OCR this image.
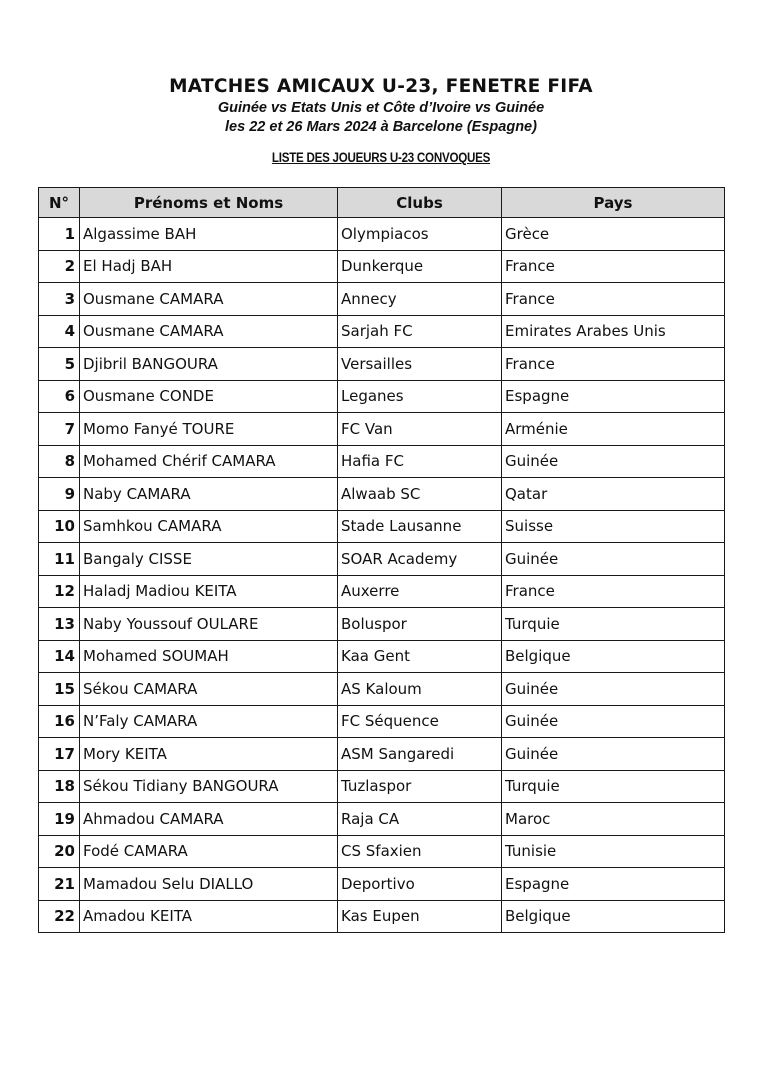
MATCHES AMICAUX U-23, FENETRE FIFA
Guinée vs Etats Unis et Côte d’Ivoire vs Guinée
les 22 et 26 Mars 2024 à Barcelone (Espagne)
LISTE DES JOUEURS U-23 CONVOQUES
N°	Prénoms et Noms	Clubs	Pays
1	Algassime BAH	Olympiacos	Grèce
2	El Hadj BAH	Dunkerque	France
3	Ousmane CAMARA	Annecy	France
4	Ousmane CAMARA	Sarjah FC	Emirates Arabes Unis
5	Djibril BANGOURA	Versailles	France
6	Ousmane CONDE	Leganes	Espagne
7	Momo Fanyé TOURE	FC Van	Arménie
8	Mohamed Chérif CAMARA	Hafia FC	Guinée
9	Naby CAMARA	Alwaab SC	Qatar
10	Samhkou CAMARA	Stade Lausanne	Suisse
11	Bangaly CISSE	SOAR Academy	Guinée
12	Haladj Madiou KEITA	Auxerre	France
13	Naby Youssouf OULARE	Boluspor	Turquie
14	Mohamed SOUMAH	Kaa Gent	Belgique
15	Sékou CAMARA	AS Kaloum	Guinée
16	N’Faly CAMARA	FC Séquence	Guinée
17	Mory KEITA	ASM Sangaredi	Guinée
18	Sékou Tidiany BANGOURA	Tuzlaspor	Turquie
19	Ahmadou CAMARA	Raja CA	Maroc
20	Fodé CAMARA	CS Sfaxien	Tunisie
21	Mamadou Selu DIALLO	Deportivo	Espagne
22	Amadou KEITA	Kas Eupen	Belgique
